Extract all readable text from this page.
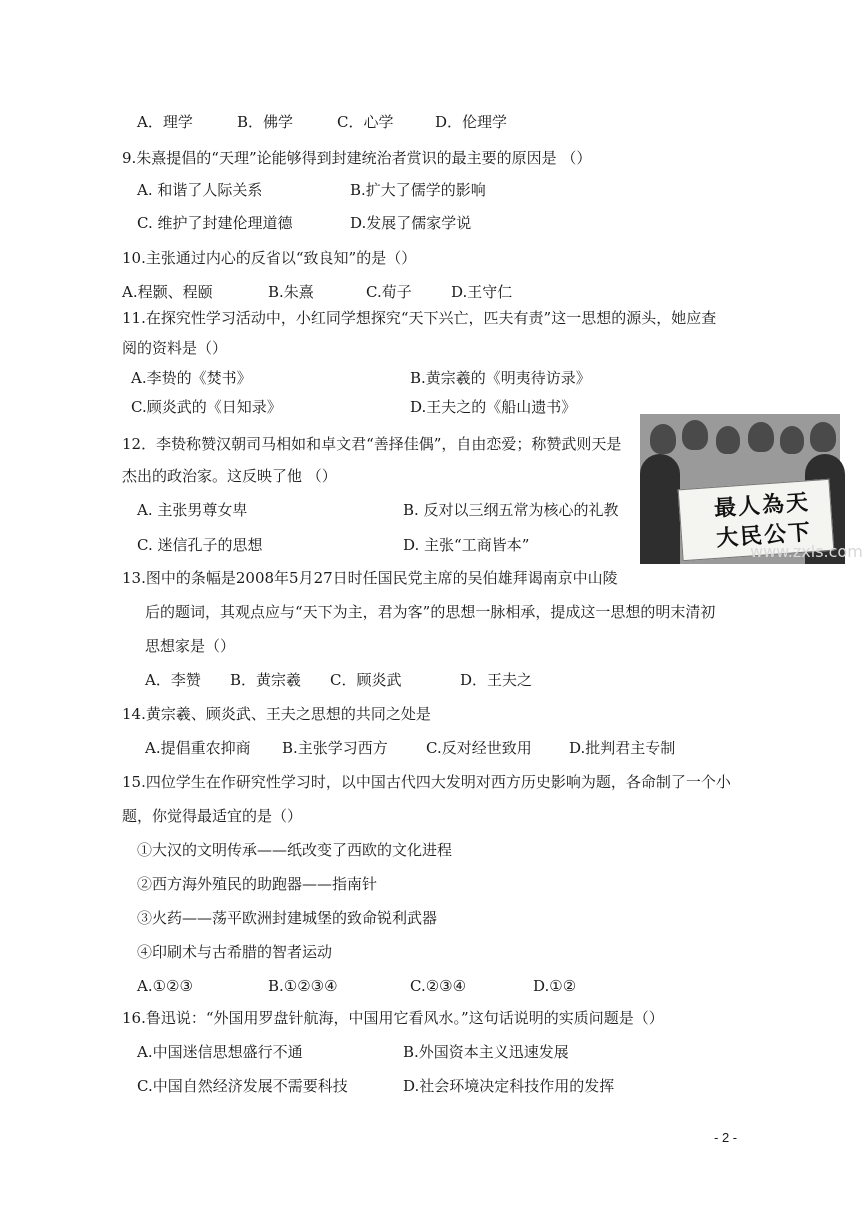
A．理学	B．佛学	C．心学	D．伦理学
9.朱熹提倡的“天理”论能够得到封建统治者赏识的最主要的原因是 （）
A. 和谐了人际关系	B.扩大了儒学的影响
C. 维护了封建伦理道德	D.发展了儒家学说
10.主张通过内心的反省以“致良知”的是（）
A.程颢、程颐	B.朱熹	C.荀子	D.王守仁
11.在探究性学习活动中，小红同学想探究“天下兴亡，匹夫有责”这一思想的源头，她应查
阅的资料是（）
A.李贽的《焚书》	B.黄宗羲的《明夷待访录》
C.顾炎武的《日知录》	D.王夫之的《船山遗书》
12．李贽称赞汉朝司马相如和卓文君“善择佳偶”，自由恋爱；称赞武则天是
杰出的政治家。这反映了他 （）
A. 主张男尊女卑	B. 反对以三纲五常为核心的礼教
C. 迷信孔子的思想	D. 主张“工商皆本”
最人為天
大民公下
www.zxls.com
13.图中的条幅是2008年5月27日时任国民党主席的吴伯雄拜谒南京中山陵
后的题词，其观点应与“天下为主，君为客”的思想一脉相承，提成这一思想的明末清初
思想家是（）
A．李赞 B．黄宗羲 C．顾炎武	D．王夫之
14.黄宗羲、顾炎武、王夫之思想的共同之处是
A.提倡重农抑商 B.主张学习西方	C.反对经世致用 D.批判君主专制
15.四位学生在作研究性学习时，以中国古代四大发明对西方历史影响为题，各命制了一个小
题，你觉得最适宜的是（）
①大汉的文明传承——纸改变了西欧的文化进程
②西方海外殖民的助跑器——指南针
③火药——荡平欧洲封建城堡的致命锐利武器
④印刷术与古希腊的智者运动
A.①②③	B.①②③④	C.②③④	D.①②
16.鲁迅说：“外国用罗盘针航海，中国用它看风水。”这句话说明的实质问题是（）
A.中国迷信思想盛行不通	B.外国资本主义迅速发展
C.中国自然经济发展不需要科技	D.社会环境决定科技作用的发挥
- 2 -
